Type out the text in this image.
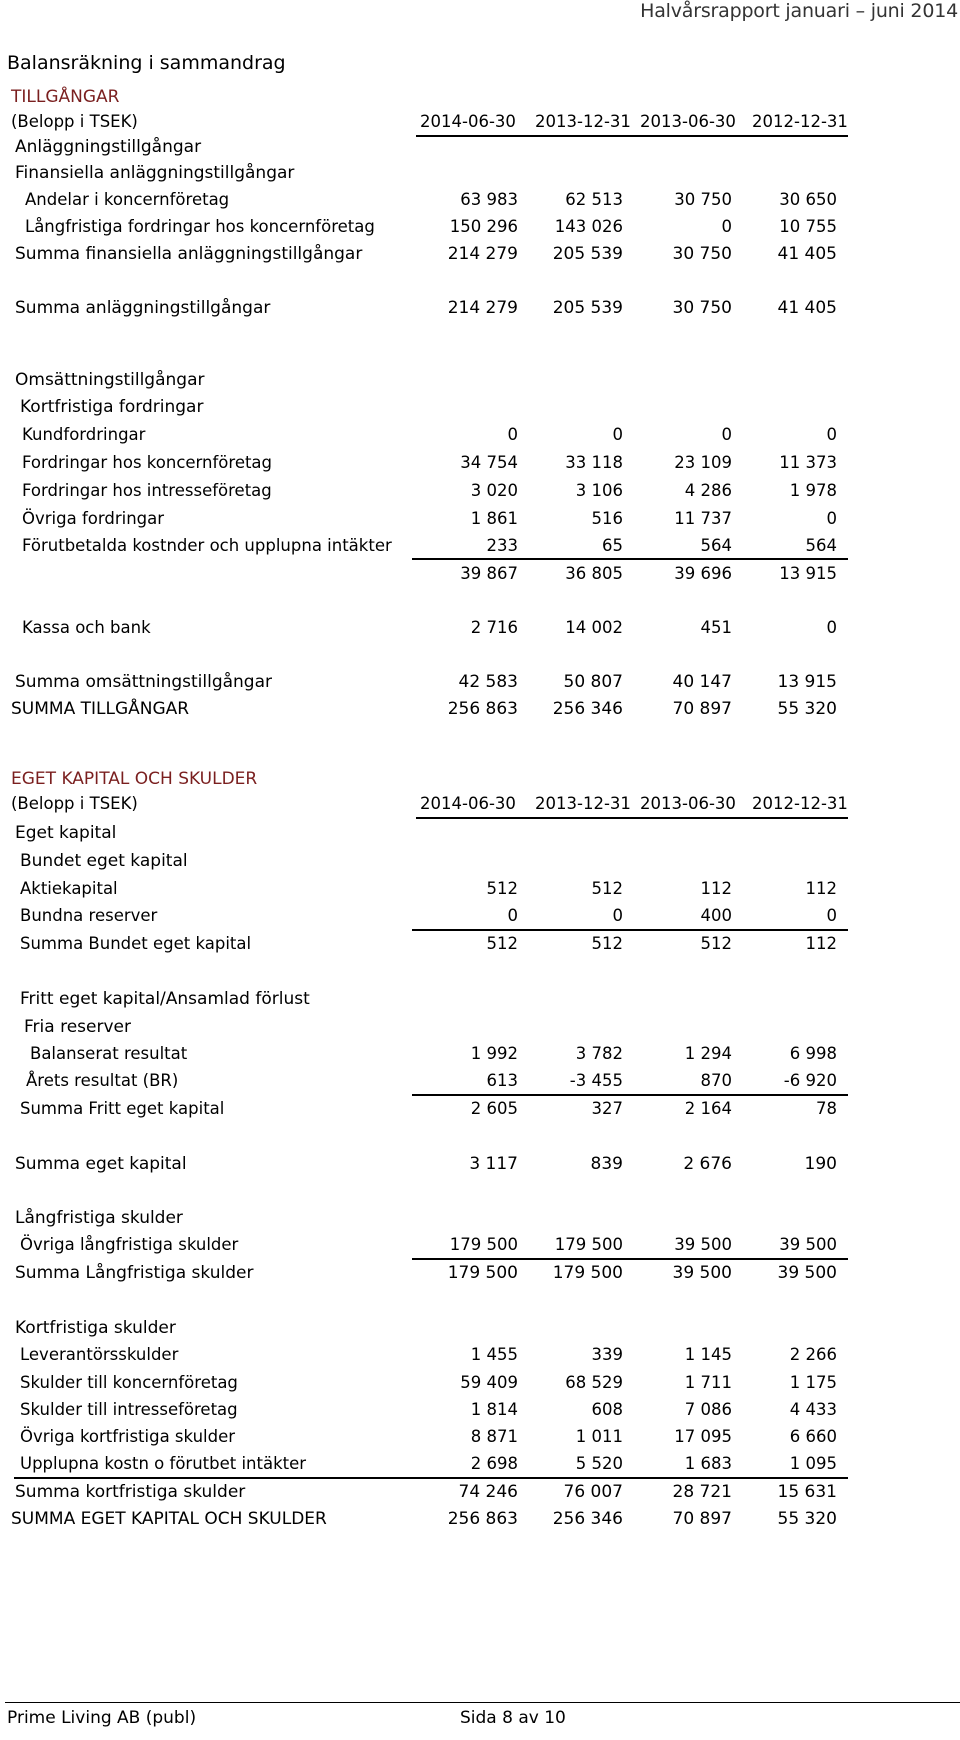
Halvårsrapport januari – juni 2014
Balansräkning i sammandrag
TILLGÅNGAR
(Belopp i TSEK)	2014-06-30 2013-12-31 2013-06-30 2012-12-31
Anläggningstillgångar
Finansiella anläggningstillgångar
Andelar i koncernföretag	63 983	62 513	30 750	30 650
Långfristiga fordringar hos koncernföretag	150 296	143 026	0	10 755
Summa finansiella anläggningstillgångar	214 279	205 539	30 750	41 405
Summa anläggningstillgångar	214 279	205 539	30 750	41 405
Omsättningstillgångar
Kortfristiga fordringar
Kundfordringar	0	0	0	0
Fordringar hos koncernföretag	34 754	33 118	23 109	11 373
Fordringar hos intresseföretag	3 020	3 106	4 286	1 978
Övriga fordringar	1 861	516	11 737	0
Förutbetalda kostnder och upplupna intäkter	233	65	564	564
39 867	36 805	39 696	13 915
Kassa och bank	2 716	14 002	451	0
Summa omsättningstillgångar	42 583	50 807	40 147	13 915
SUMMA TILLGÅNGAR	256 863	256 346	70 897	55 320
EGET KAPITAL OCH SKULDER
(Belopp i TSEK)	2014-06-30 2013-12-31 2013-06-30 2012-12-31
Eget kapital
Bundet eget kapital
Aktiekapital	512	512	112	112
Bundna reserver	0	0	400	0
Summa Bundet eget kapital	512	512	512	112
Fritt eget kapital/Ansamlad förlust
Fria reserver
Balanserat resultat	1 992	3 782	1 294	6 998
Årets resultat (BR)	613	-3 455	870	-6 920
Summa Fritt eget kapital	2 605	327	2 164	78
Summa eget kapital	3 117	839	2 676	190
Långfristiga skulder
Övriga långfristiga skulder	179 500	179 500	39 500	39 500
Summa Långfristiga skulder	179 500	179 500	39 500	39 500
Kortfristiga skulder
Leverantörsskulder	1 455	339	1 145	2 266
Skulder till koncernföretag	59 409	68 529	1 711	1 175
Skulder till intresseföretag	1 814	608	7 086	4 433
Övriga kortfristiga skulder	8 871	1 011	17 095	6 660
Upplupna kostn o förutbet intäkter	2 698	5 520	1 683	1 095
Summa kortfristiga skulder	74 246	76 007	28 721	15 631
SUMMA EGET KAPITAL OCH SKULDER	256 863	256 346	70 897	55 320
Prime Living AB (publ)	Sida 8 av 10
